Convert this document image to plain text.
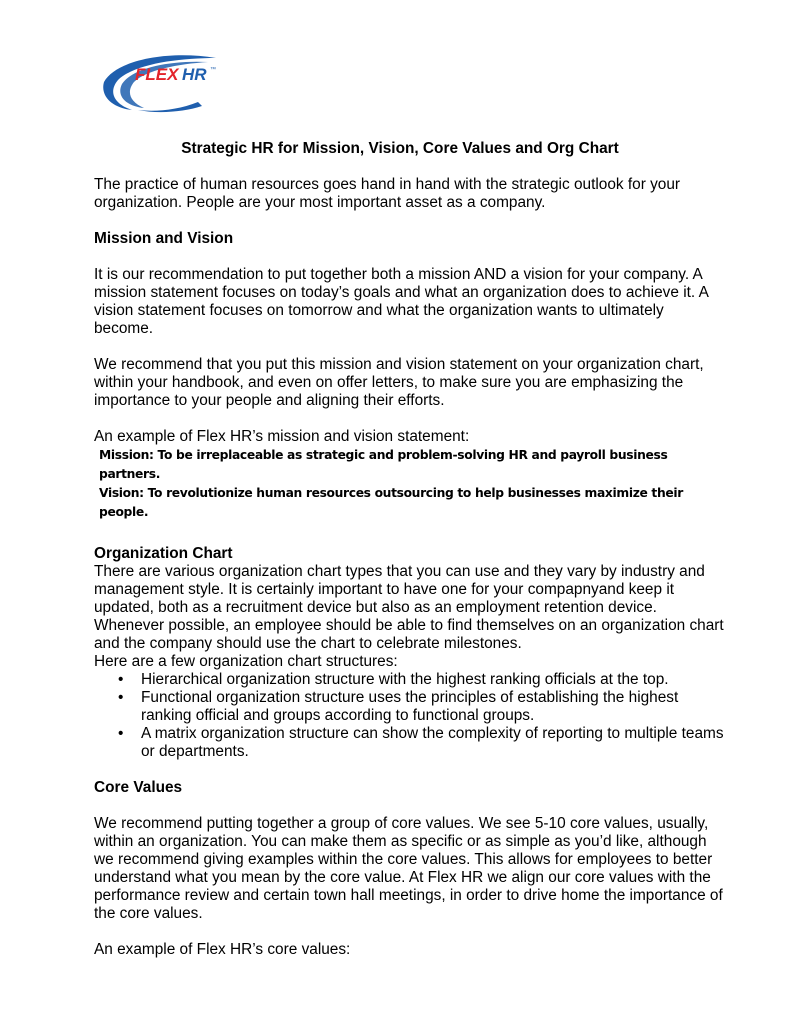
FLEX HR ™
Strategic HR for Mission, Vision, Core Values and Org Chart

The practice of human resources goes hand in hand with the strategic outlook for your organization. People are your most important asset as a company.

Mission and Vision

It is our recommendation to put together both a mission AND a vision for your company. A mission statement focuses on today’s goals and what an organization does to achieve it. A vision statement focuses on tomorrow and what the organization wants to ultimately become.

We recommend that you put this mission and vision statement on your organization chart, within your handbook, and even on offer letters, to make sure you are emphasizing the importance to your people and aligning their efforts.

An example of Flex HR’s mission and vision statement:

Mission: To be irreplaceable as strategic and problem-solving HR and payroll business partners.
Vision: To revolutionize human resources outsourcing to help businesses maximize their people.
Organization Chart

There are various organization chart types that you can use and they vary by industry and management style. It is certainly important to have one for your compapnyand keep it updated, both as a recruitment device but also as an employment retention device. Whenever possible, an employee should be able to find themselves on an organization chart and the company should use the chart to celebrate milestones.

Here are a few organization chart structures:

• Hierarchical organization structure with the highest ranking officials at the top.
• Functional organization structure uses the principles of establishing the highest ranking official and groups according to functional groups.
• A matrix organization structure can show the complexity of reporting to multiple teams or departments.
Core Values

We recommend putting together a group of core values. We see 5-10 core values, usually, within an organization. You can make them as specific or as simple as you’d like, although we recommend giving examples within the core values. This allows for employees to better understand what you mean by the core value. At Flex HR we align our core values with the performance review and certain town hall meetings, in order to drive home the importance of the core values.

An example of Flex HR’s core values:
